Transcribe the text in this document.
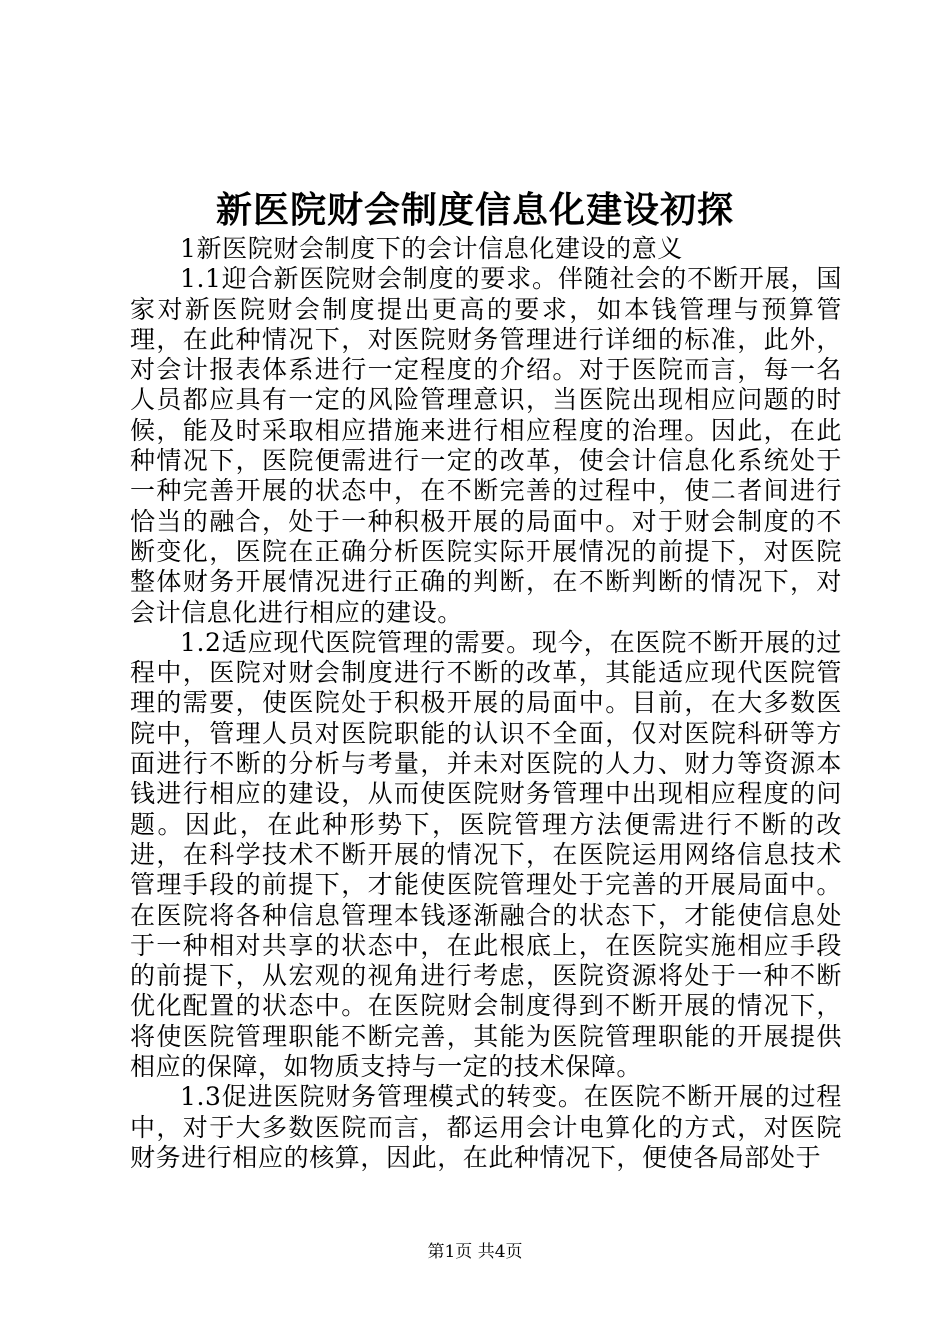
新医院财会制度信息化建设初探

1新医院财会制度下的会计信息化建设的意义

1.1迎合新医院财会制度的要求。伴随社会的不断开展，国家对新医院财会制度提出更高的要求，如本钱管理与预算管理，在此种情况下，对医院财务管理进行详细的标准，此外，对会计报表体系进行一定程度的介绍。对于医院而言，每一名人员都应具有一定的风险管理意识，当医院出现相应问题的时候，能及时采取相应措施来进行相应程度的治理。因此，在此种情况下，医院便需进行一定的改革，使会计信息化系统处于一种完善开展的状态中，在不断完善的过程中，使二者间进行恰当的融合，处于一种积极开展的局面中。对于财会制度的不断变化，医院在正确分析医院实际开展情况的前提下，对医院整体财务开展情况进行正确的判断，在不断判断的情况下，对会计信息化进行相应的建设。

1.2适应现代医院管理的需要。现今，在医院不断开展的过程中，医院对财会制度进行不断的改革，其能适应现代医院管理的需要，使医院处于积极开展的局面中。目前，在大多数医院中，管理人员对医院职能的认识不全面，仅对医院科研等方面进行不断的分析与考量，并未对医院的人力、财力等资源本钱进行相应的建设，从而使医院财务管理中出现相应程度的问题。因此，在此种形势下，医院管理方法便需进行不断的改进，在科学技术不断开展的情况下，在医院运用网络信息技术管理手段的前提下，才能使医院管理处于完善的开展局面中。在医院将各种信息管理本钱逐渐融合的状态下，才能使信息处于一种相对共享的状态中，在此根底上，在医院实施相应手段的前提下，从宏观的视角进行考虑，医院资源将处于一种不断优化配置的状态中。在医院财会制度得到不断开展的情况下，将使医院管理职能不断完善，其能为医院管理职能的开展提供相应的保障，如物质支持与一定的技术保障。

1.3促进医院财务管理模式的转变。在医院不断开展的过程中，对于大多数医院而言，都运用会计电算化的方式，对医院财务进行相应的核算，因此，在此种情况下，便使各局部处于

第1页 共4页
